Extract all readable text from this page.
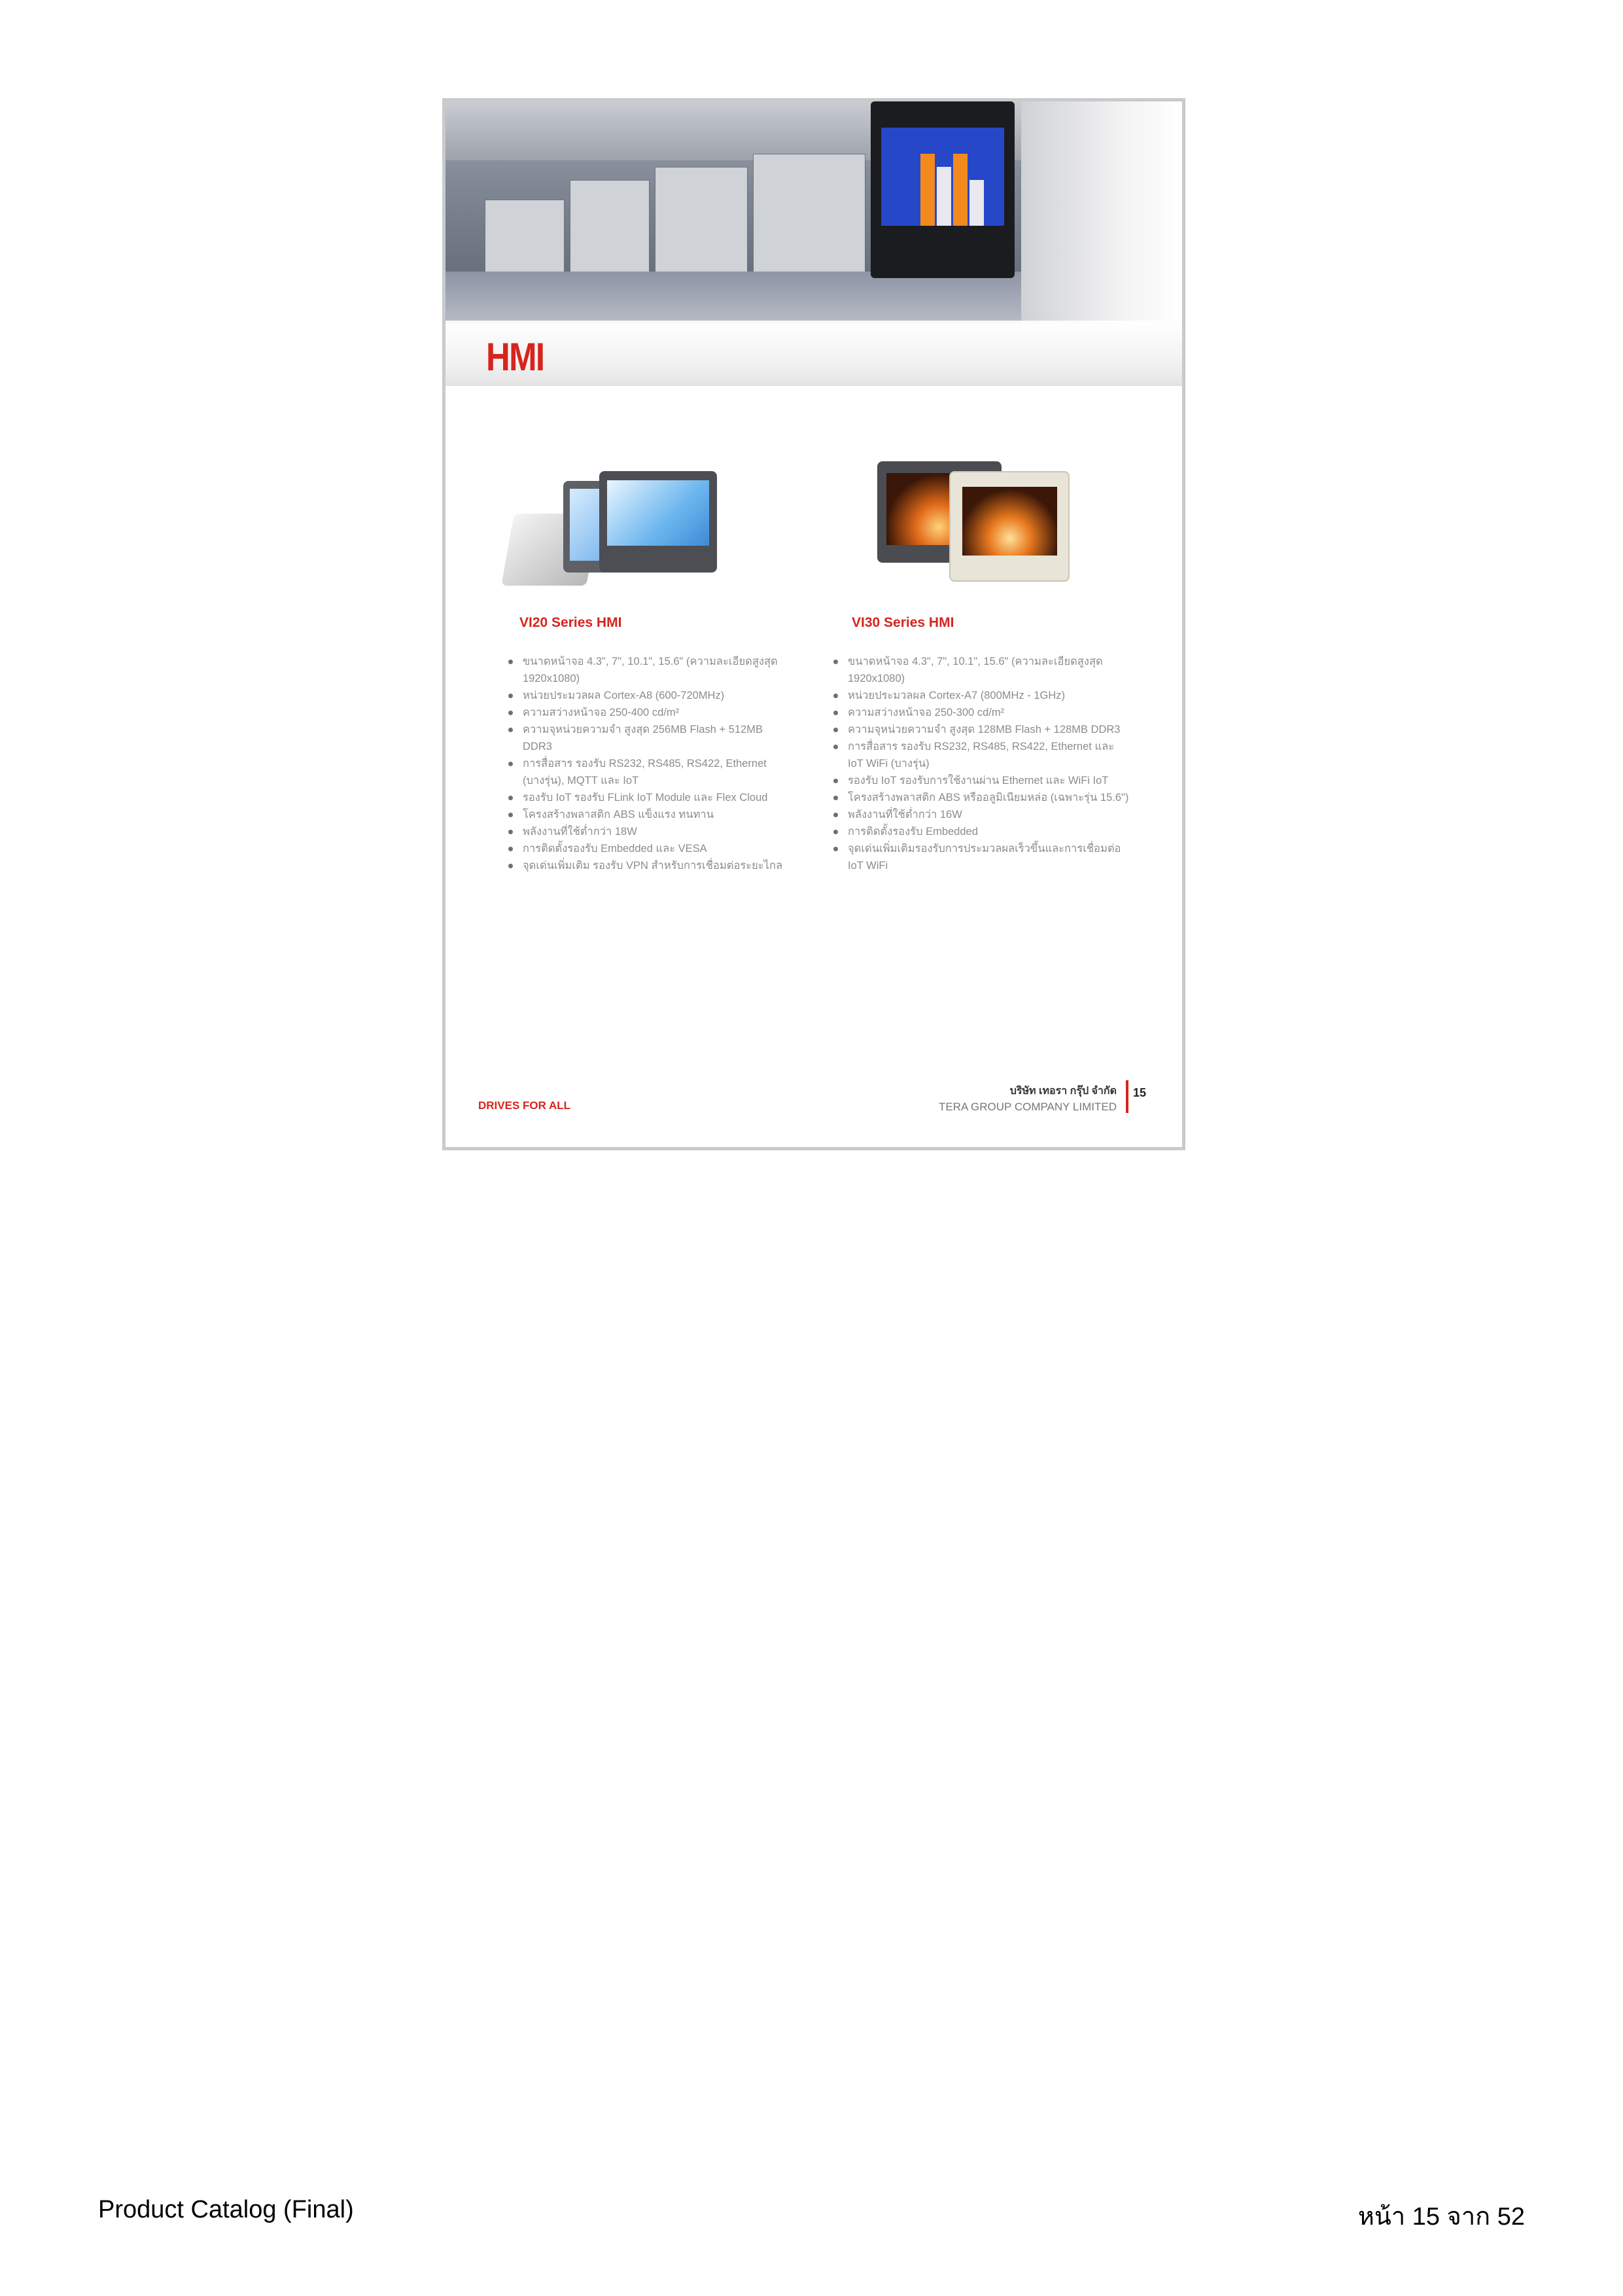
HMI
VI20 Series HMI
ขนาดหน้าจอ 4.3", 7", 10.1", 15.6" (ความละเอียดสูงสุด
1920x1080)
หน่วยประมวลผล Cortex-A8 (600-720MHz)
ความสว่างหน้าจอ 250-400 cd/m²
ความจุหน่วยความจำ สูงสุด 256MB Flash + 512MB
DDR3
การสื่อสาร รองรับ RS232, RS485, RS422, Ethernet
(บางรุ่น), MQTT และ IoT
รองรับ IoT รองรับ FLink IoT Module และ Flex Cloud
โครงสร้างพลาสติก ABS แข็งแรง ทนทาน
พลังงานที่ใช้ต่ำกว่า 18W
การติดตั้งรองรับ Embedded และ VESA
จุดเด่นเพิ่มเติม รองรับ VPN สำหรับการเชื่อมต่อระยะไกล
VI30 Series HMI
ขนาดหน้าจอ 4.3", 7", 10.1", 15.6" (ความละเอียดสูงสุด
1920x1080)
หน่วยประมวลผล Cortex-A7 (800MHz - 1GHz)
ความสว่างหน้าจอ 250-300 cd/m²
ความจุหน่วยความจำ สูงสุด 128MB Flash + 128MB DDR3
การสื่อสาร รองรับ RS232, RS485, RS422, Ethernet และ
IoT WiFi (บางรุ่น)
รองรับ IoT รองรับการใช้งานผ่าน Ethernet และ WiFi IoT
โครงสร้างพลาสติก ABS หรืออลูมิเนียมหล่อ (เฉพาะรุ่น 15.6")
พลังงานที่ใช้ต่ำกว่า 16W
การติดตั้งรองรับ Embedded
จุดเด่นเพิ่มเติมรองรับการประมวลผลเร็วขึ้นและการเชื่อมต่อ
IoT WiFi
DRIVES FOR ALL
บริษัท เทอรา กรุ๊ป จำกัด
TERA GROUP COMPANY LIMITED
15
Product Catalog (Final)	หน้า 15 จาก 52
